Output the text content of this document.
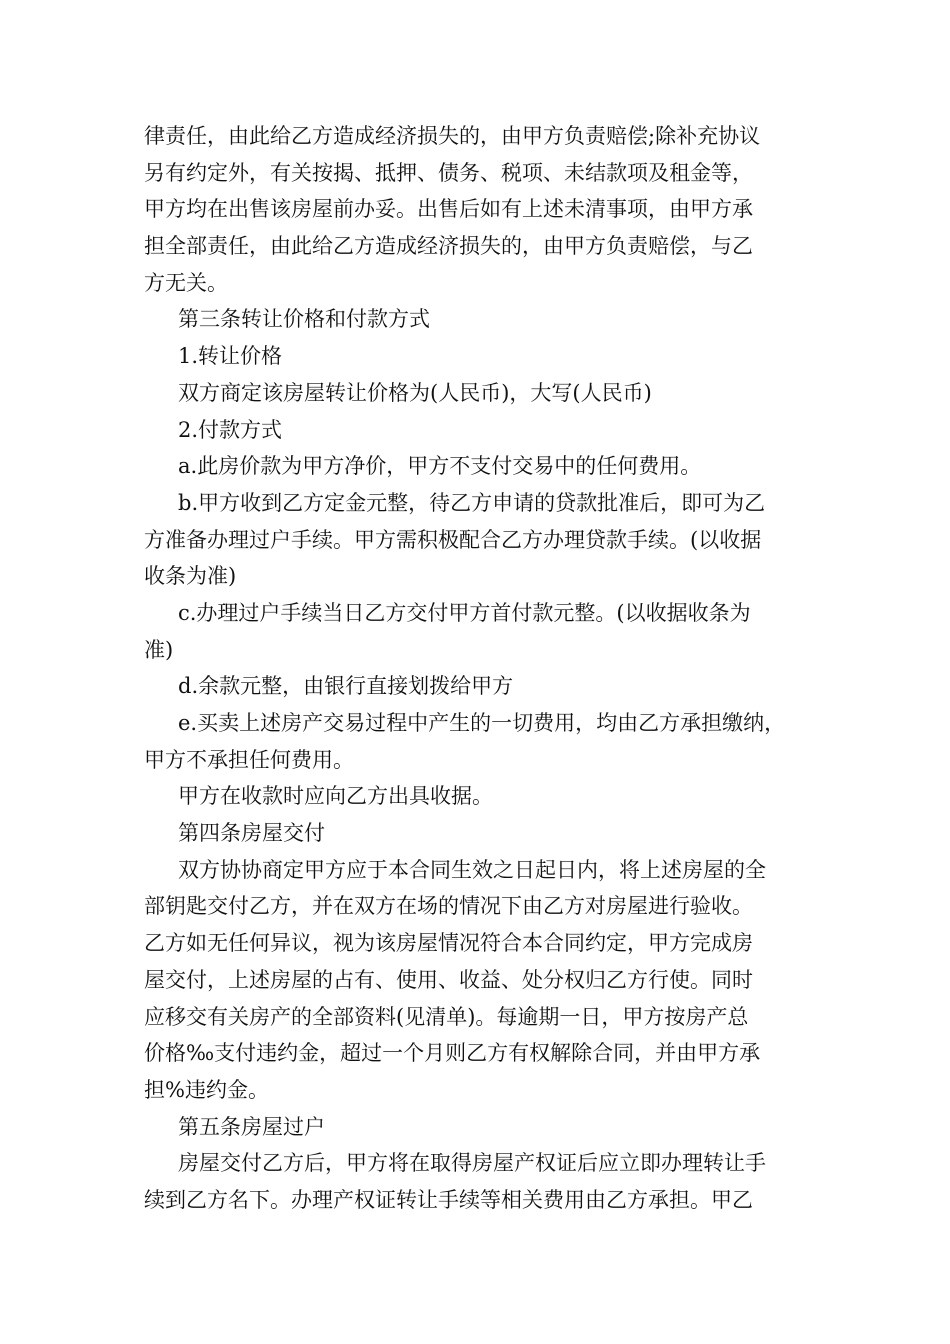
律责任，由此给乙方造成经济损失的，由甲方负责赔偿;除补充协议
另有约定外，有关按揭、抵押、债务、税项、未结款项及租金等，
甲方均在出售该房屋前办妥。出售后如有上述未清事项，由甲方承
担全部责任，由此给乙方造成经济损失的，由甲方负责赔偿，与乙
方无关。
第三条转让价格和付款方式
1.转让价格
双方商定该房屋转让价格为(人民币)，大写(人民币)
2.付款方式
a.此房价款为甲方净价，甲方不支付交易中的任何费用。
b.甲方收到乙方定金元整，待乙方申请的贷款批准后，即可为乙
方准备办理过户手续。甲方需积极配合乙方办理贷款手续。(以收据
收条为准)
c.办理过户手续当日乙方交付甲方首付款元整。(以收据收条为
准)
d.余款元整，由银行直接划拨给甲方
e.买卖上述房产交易过程中产生的一切费用，均由乙方承担缴纳，
甲方不承担任何费用。
甲方在收款时应向乙方出具收据。
第四条房屋交付
双方协协商定甲方应于本合同生效之日起日内，将上述房屋的全
部钥匙交付乙方，并在双方在场的情况下由乙方对房屋进行验收。
乙方如无任何异议，视为该房屋情况符合本合同约定，甲方完成房
屋交付，上述房屋的占有、使用、收益、处分权归乙方行使。同时
应移交有关房产的全部资料(见清单)。每逾期一日，甲方按房产总
价格‰支付违约金，超过一个月则乙方有权解除合同，并由甲方承
担%违约金。
第五条房屋过户
房屋交付乙方后，甲方将在取得房屋产权证后应立即办理转让手
续到乙方名下。办理产权证转让手续等相关费用由乙方承担。甲乙
